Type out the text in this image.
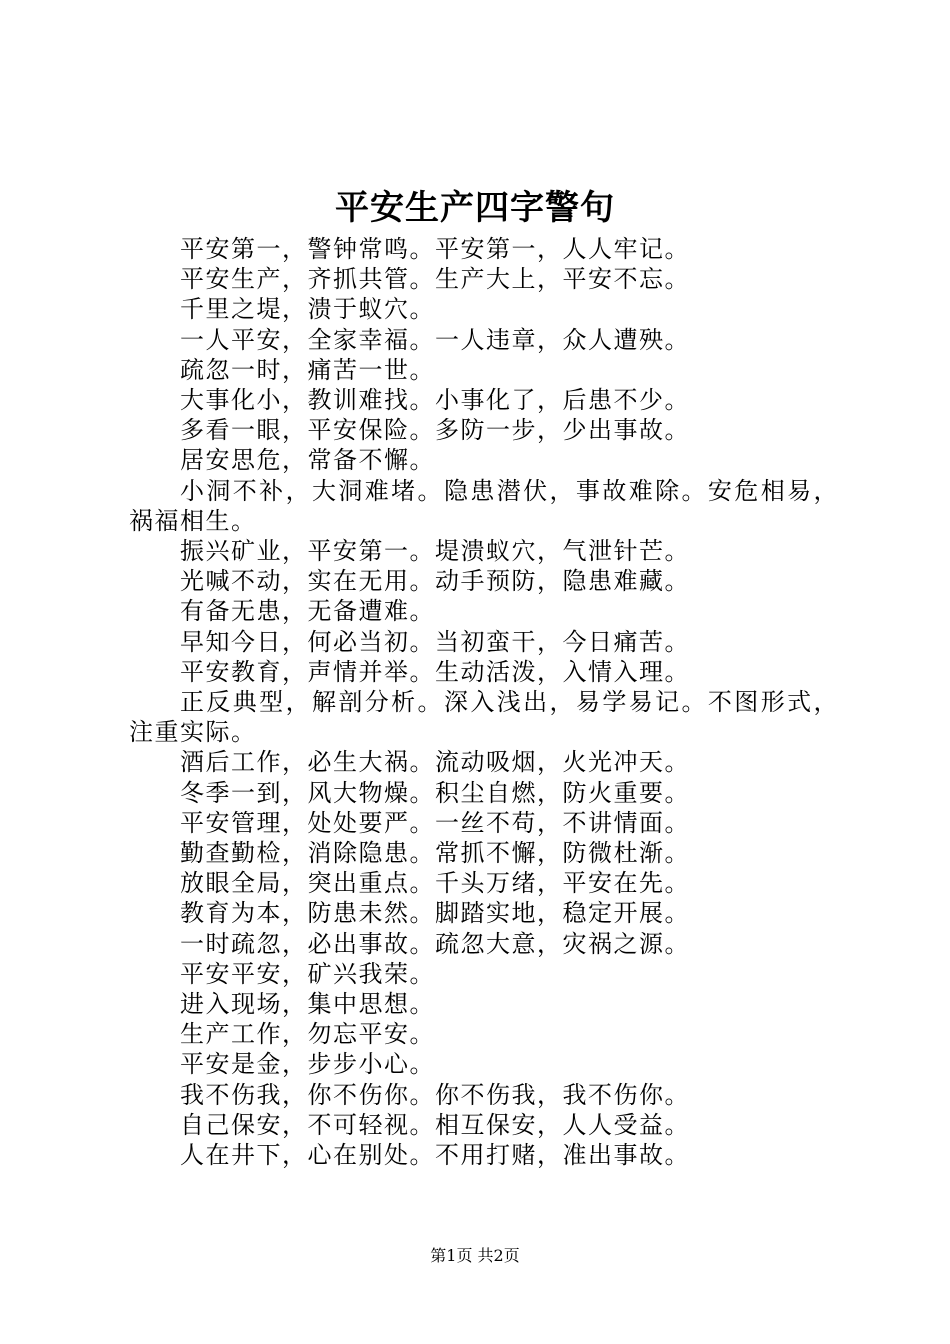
平安生产四字警句

平安第一，警钟常鸣。平安第一，人人牢记。

平安生产，齐抓共管。生产大上，平安不忘。

千里之堤，溃于蚁穴。

一人平安，全家幸福。一人违章，众人遭殃。

疏忽一时，痛苦一世。

大事化小，教训难找。小事化了，后患不少。

多看一眼，平安保险。多防一步，少出事故。

居安思危，常备不懈。

小洞不补，大洞难堵。隐患潜伏，事故难除。安危相易，祸福相生。

振兴矿业，平安第一。堤溃蚁穴，气泄针芒。

光喊不动，实在无用。动手预防，隐患难藏。

有备无患，无备遭难。

早知今日，何必当初。当初蛮干，今日痛苦。

平安教育，声情并举。生动活泼，入情入理。

正反典型，解剖分析。深入浅出，易学易记。不图形式，注重实际。

酒后工作，必生大祸。流动吸烟，火光冲天。

冬季一到，风大物燥。积尘自燃，防火重要。

平安管理，处处要严。一丝不苟，不讲情面。

勤查勤检，消除隐患。常抓不懈，防微杜渐。

放眼全局，突出重点。千头万绪，平安在先。

教育为本，防患未然。脚踏实地，稳定开展。

一时疏忽，必出事故。疏忽大意，灾祸之源。

平安平安，矿兴我荣。

进入现场，集中思想。

生产工作，勿忘平安。

平安是金，步步小心。

我不伤我，你不伤你。你不伤我，我不伤你。

自己保安，不可轻视。相互保安，人人受益。

人在井下，心在别处。不用打赌，准出事故。

第1页 共2页
